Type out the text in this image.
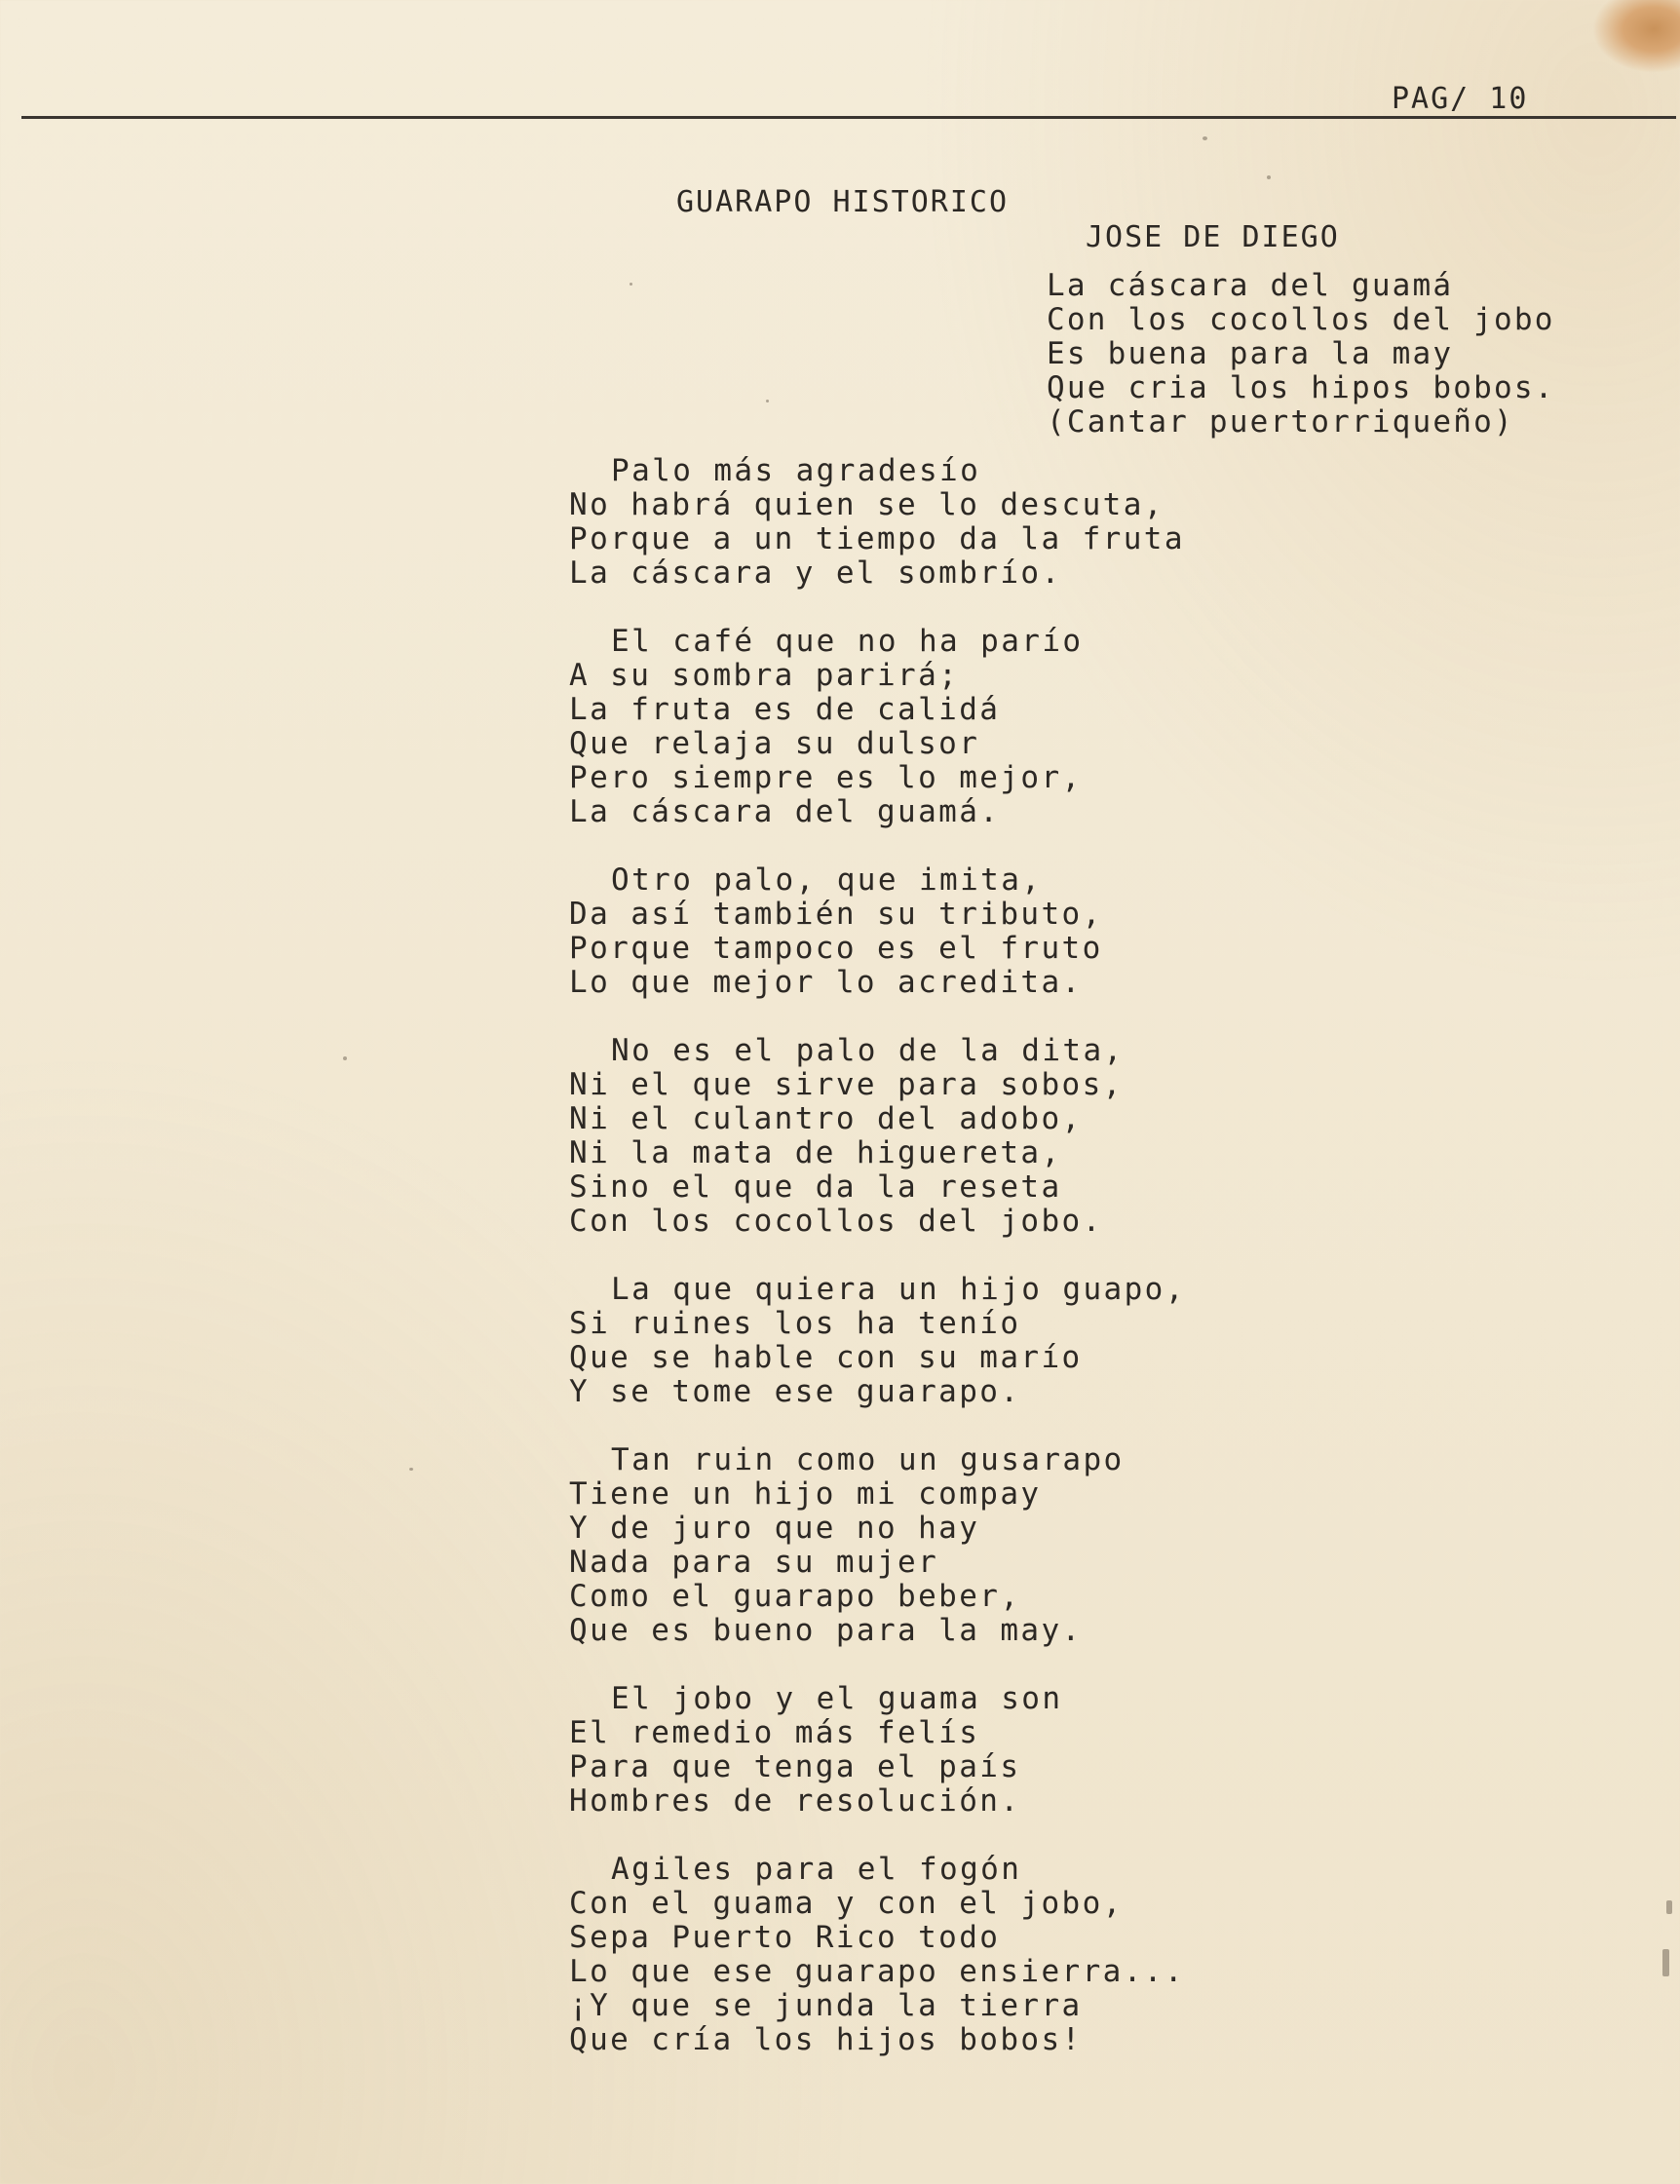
PAG/ 10
GUARAPO HISTORICO
JOSE DE DIEGO
La cáscara del guamá
Con los cocollos del jobo
Es buena para la may
Que cria los hipos bobos.
(Cantar puertorriqueño)
Palo más agradesío
No habrá quien se lo descuta,
Porque a un tiempo da la fruta
La cáscara y el sombrío.
El café que no ha parío
A su sombra parirá;
La fruta es de calidá
Que relaja su dulsor
Pero siempre es lo mejor,
La cáscara del guamá.
Otro palo, que imita,
Da así también su tributo,
Porque tampoco es el fruto
Lo que mejor lo acredita.
No es el palo de la dita,
Ni el que sirve para sobos,
Ni el culantro del adobo,
Ni la mata de higuereta,
Sino el que da la reseta
Con los cocollos del jobo.
La que quiera un hijo guapo,
Si ruines los ha tenío
Que se hable con su marío
Y se tome ese guarapo.
Tan ruin como un gusarapo
Tiene un hijo mi compay
Y de juro que no hay
Nada para su mujer
Como el guarapo beber,
Que es bueno para la may.
El jobo y el guama son
El remedio más felís
Para que tenga el país
Hombres de resolución.
Agiles para el fogón
Con el guama y con el jobo,
Sepa Puerto Rico todo
Lo que ese guarapo ensierra...
¡Y que se junda la tierra
Que cría los hijos bobos!
